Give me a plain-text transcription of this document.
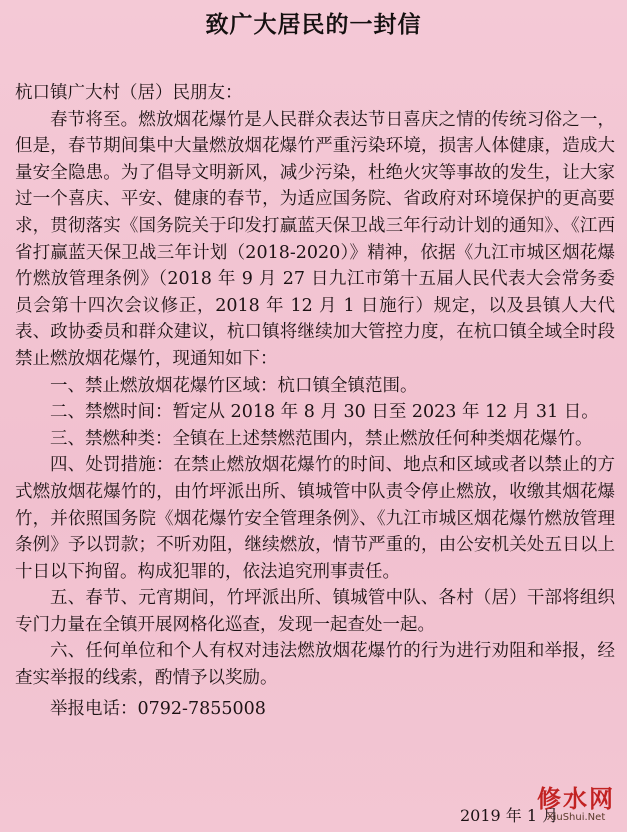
致广大居民的一封信

杭口镇广大村（居）民朋友：

春节将至。燃放烟花爆竹是人民群众表达节日喜庆之情的传统习俗之一，但是，春节期间集中大量燃放烟花爆竹严重污染环境，损害人体健康，造成大量安全隐患。为了倡导文明新风，减少污染，杜绝火灾等事故的发生，让大家过一个喜庆、平安、健康的春节，为适应国务院、省政府对环境保护的更高要求，贯彻落实《国务院关于印发打赢蓝天保卫战三年行动计划的通知》、《江西省打赢蓝天保卫战三年计划（2018-2020）》精神，依据《九江市城区烟花爆竹燃放管理条例》（2018 年 9 月 27 日九江市第十五届人民代表大会常务委员会第十四次会议修正，2018 年 12 月 1 日施行）规定，以及县镇人大代表、政协委员和群众建议，杭口镇将继续加大管控力度，在杭口镇全域全时段禁止燃放烟花爆竹，现通知如下：

一、禁止燃放烟花爆竹区域：杭口镇全镇范围。

二、禁燃时间：暂定从 2018 年 8 月 30 日至 2023 年 12 月 31 日。

三、禁燃种类：全镇在上述禁燃范围内，禁止燃放任何种类烟花爆竹。

四、处罚措施：在禁止燃放烟花爆竹的时间、地点和区域或者以禁止的方式燃放烟花爆竹的，由竹坪派出所、镇城管中队责令停止燃放，收缴其烟花爆竹，并依照国务院《烟花爆竹安全管理条例》、《九江市城区烟花爆竹燃放管理条例》予以罚款；不听劝阻，继续燃放，情节严重的，由公安机关处五日以上十日以下拘留。构成犯罪的，依法追究刑事责任。

五、春节、元宵期间，竹坪派出所、镇城管中队、各村（居）干部将组织专门力量在全镇开展网格化巡查，发现一起查处一起。

六、任何单位和个人有权对违法燃放烟花爆竹的行为进行劝阻和举报，经查实举报的线索，酌情予以奖励。

举报电话：0792-7855008

2019 年 1 月
修水网
XiuShui.Net
